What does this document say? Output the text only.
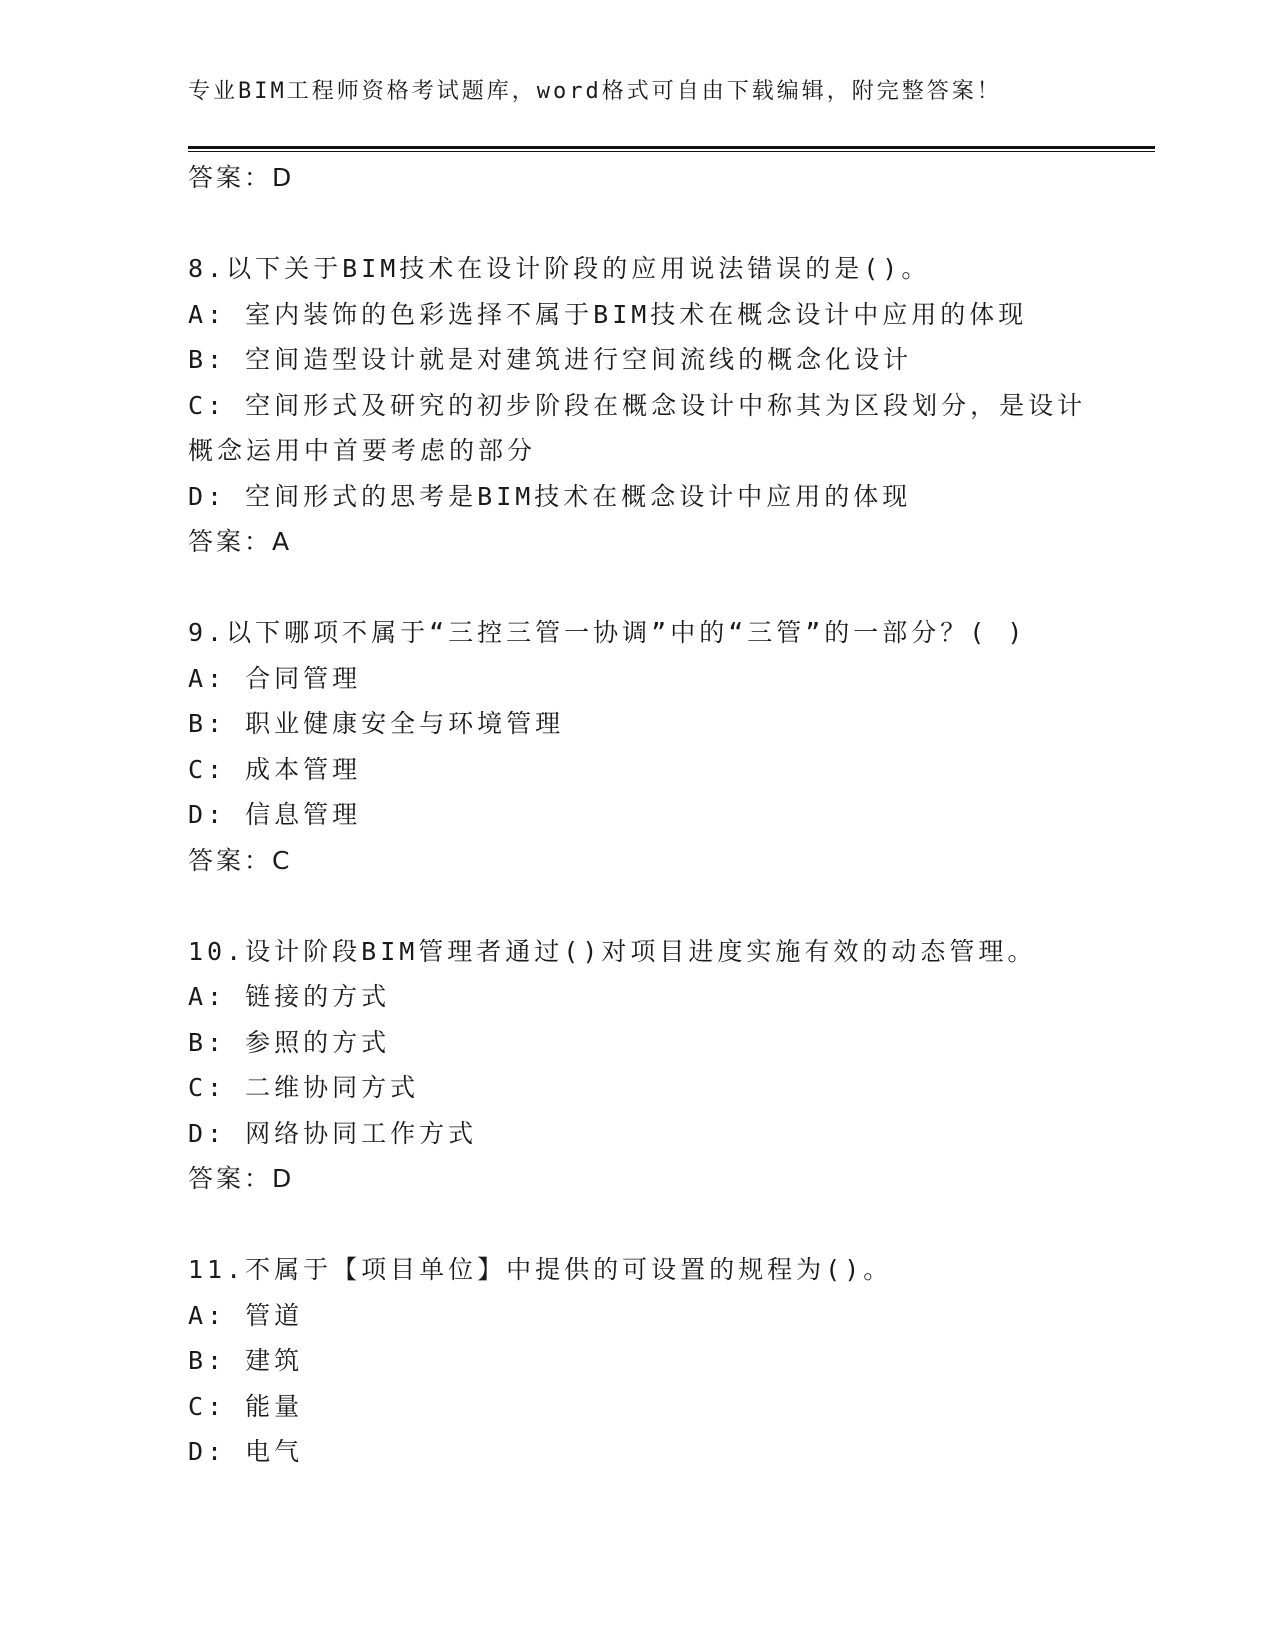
专业BIM工程师资格考试题库，word格式可自由下载编辑，附完整答案！
答案：D
8.以下关于BIM技术在设计阶段的应用说法错误的是()。
A: 室内装饰的色彩选择不属于BIM技术在概念设计中应用的体现
B: 空间造型设计就是对建筑进行空间流线的概念化设计
C: 空间形式及研究的初步阶段在概念设计中称其为区段划分，是设计
概念运用中首要考虑的部分
D: 空间形式的思考是BIM技术在概念设计中应用的体现
答案：A
9.以下哪项不属于“三控三管一协调”中的“三管”的一部分？( )
A: 合同管理
B: 职业健康安全与环境管理
C: 成本管理
D: 信息管理
答案：C
10.设计阶段BIM管理者通过()对项目进度实施有效的动态管理。
A: 链接的方式
B: 参照的方式
C: 二维协同方式
D: 网络协同工作方式
答案：D
11.不属于【项目单位】中提供的可设置的规程为()。
A: 管道
B: 建筑
C: 能量
D: 电气
